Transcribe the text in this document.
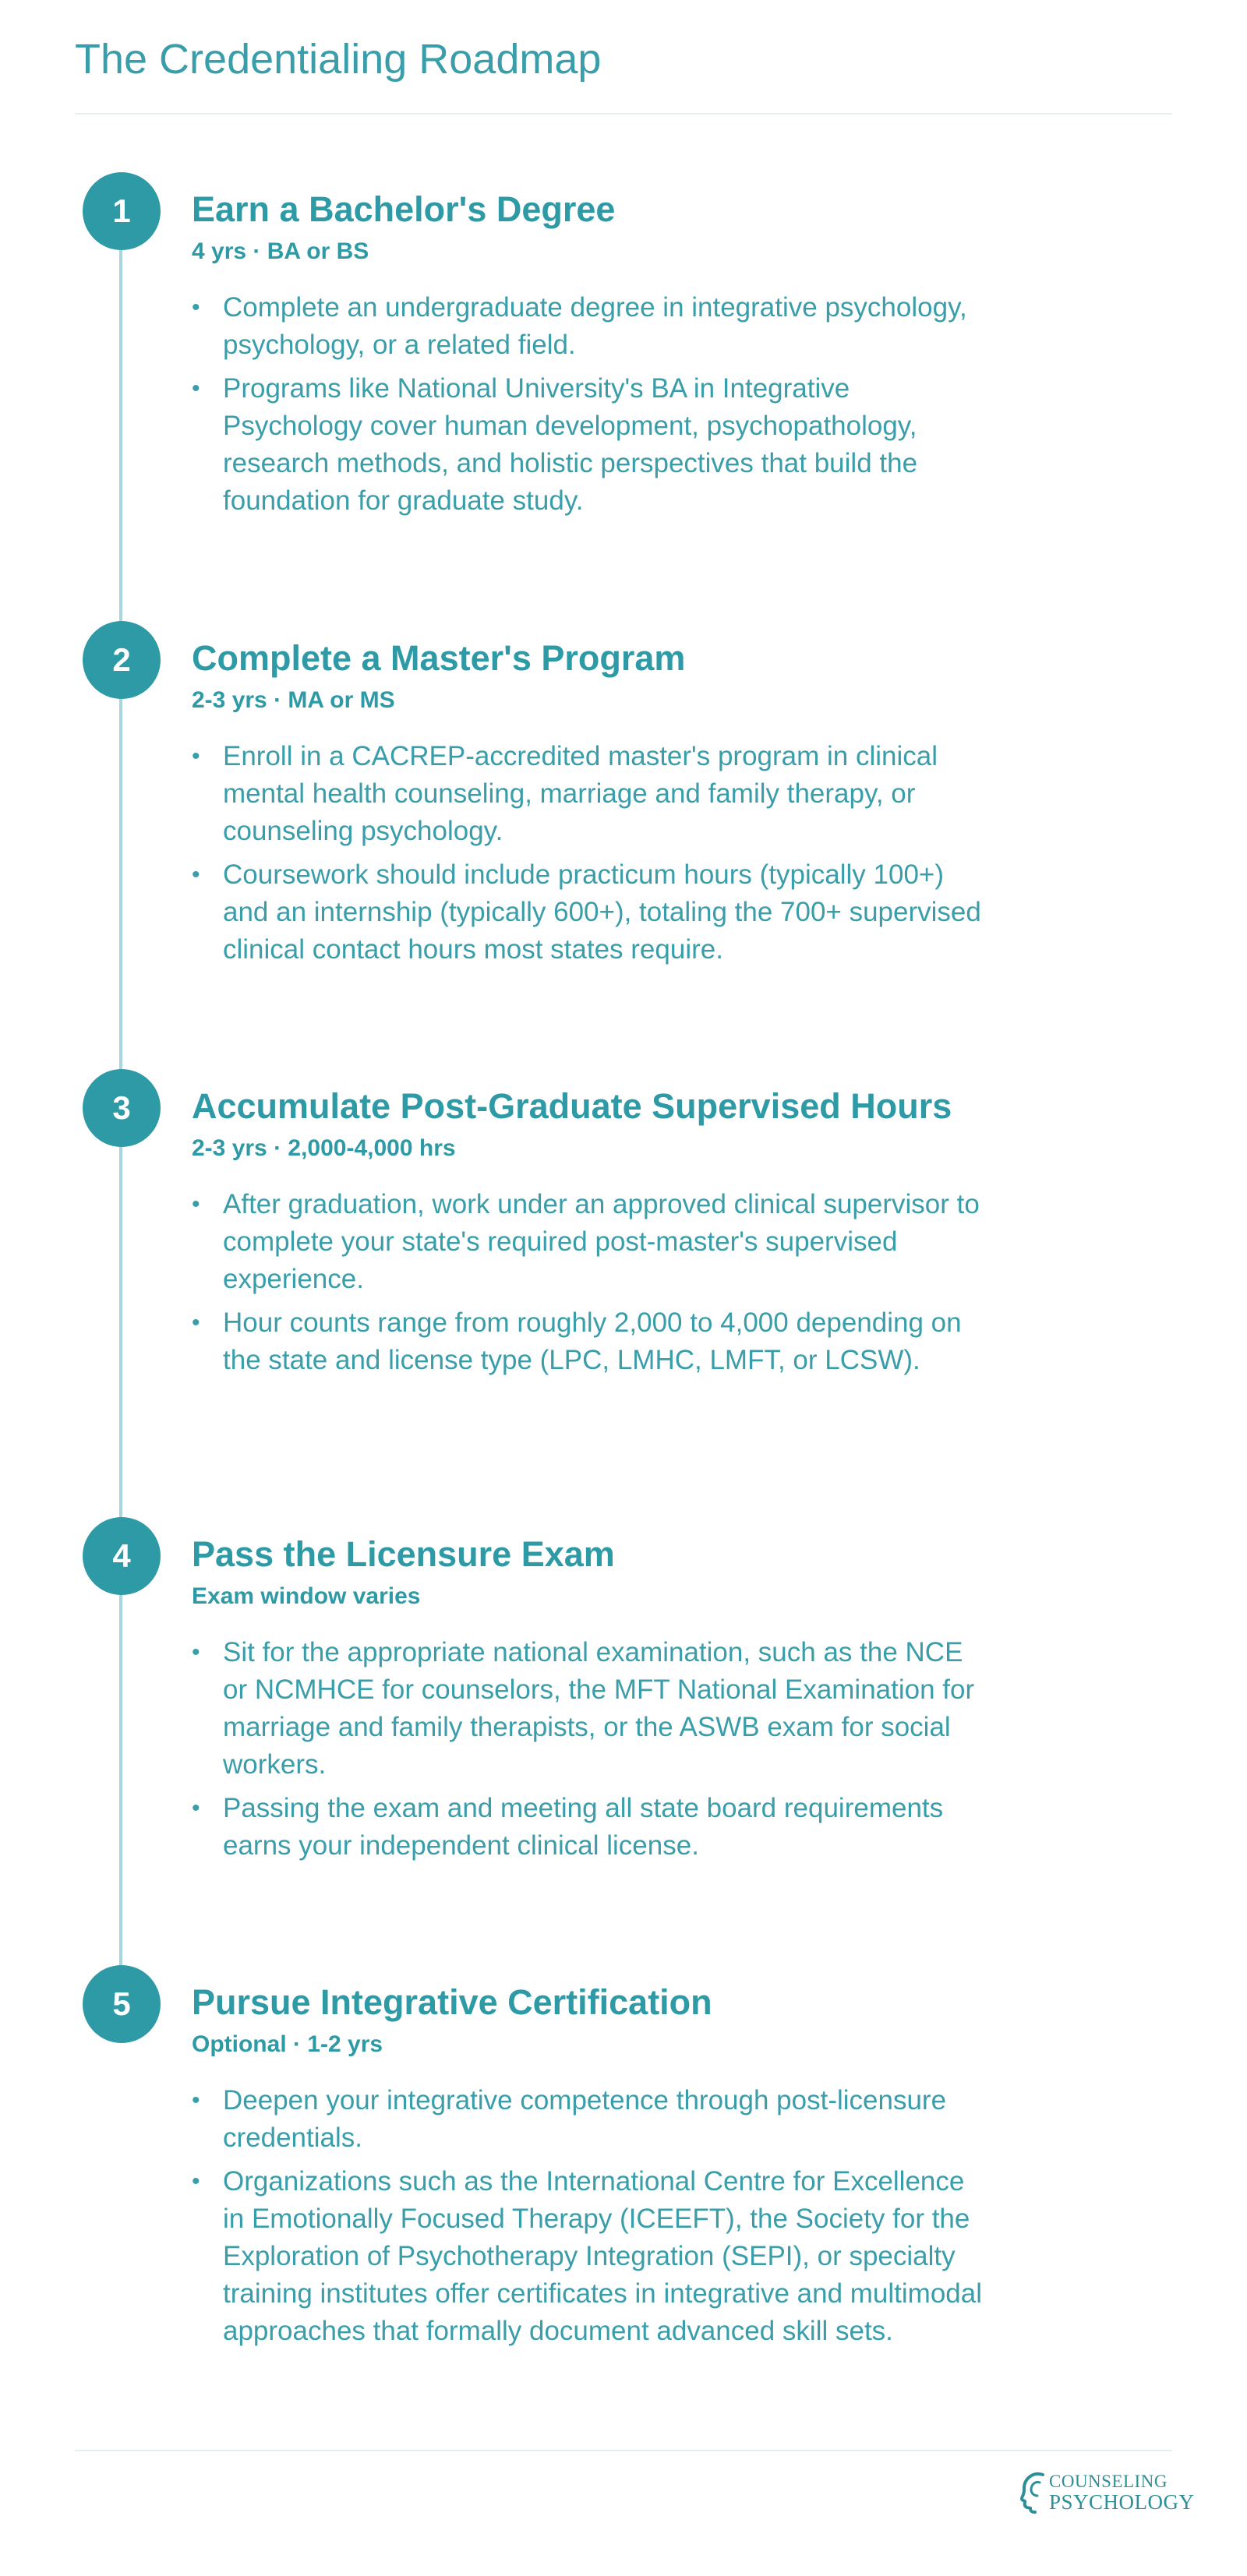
The Credentialing Roadmap
1	Earn a Bachelor's Degree
4 yrs · BA or BS
• Complete an undergraduate degree in integrative psychology, psychology, or a related field.
• Programs like National University's BA in Integrative Psychology cover human development, psychopathology, research methods, and holistic perspectives that build the foundation for graduate study.
2	Complete a Master's Program
2-3 yrs · MA or MS
• Enroll in a CACREP-accredited master's program in clinical mental health counseling, marriage and family therapy, or counseling psychology.
• Coursework should include practicum hours (typically 100+) and an internship (typically 600+), totaling the 700+ supervised clinical contact hours most states require.
3	Accumulate Post-Graduate Supervised Hours
2-3 yrs · 2,000-4,000 hrs
• After graduation, work under an approved clinical supervisor to complete your state's required post-master's supervised experience.
• Hour counts range from roughly 2,000 to 4,000 depending on the state and license type (LPC, LMHC, LMFT, or LCSW).
4	Pass the Licensure Exam
Exam window varies
• Sit for the appropriate national examination, such as the NCE or NCMHCE for counselors, the MFT National Examination for marriage and family therapists, or the ASWB exam for social workers.
• Passing the exam and meeting all state board requirements earns your independent clinical license.
5	Pursue Integrative Certification
Optional · 1-2 yrs
• Deepen your integrative competence through post-licensure credentials.
• Organizations such as the International Centre for Excellence in Emotionally Focused Therapy (ICEEFT), the Society for the Exploration of Psychotherapy Integration (SEPI), or specialty training institutes offer certificates in integrative and multimodal approaches that formally document advanced skill sets.
COUNSELING
PSYCHOLOGY
